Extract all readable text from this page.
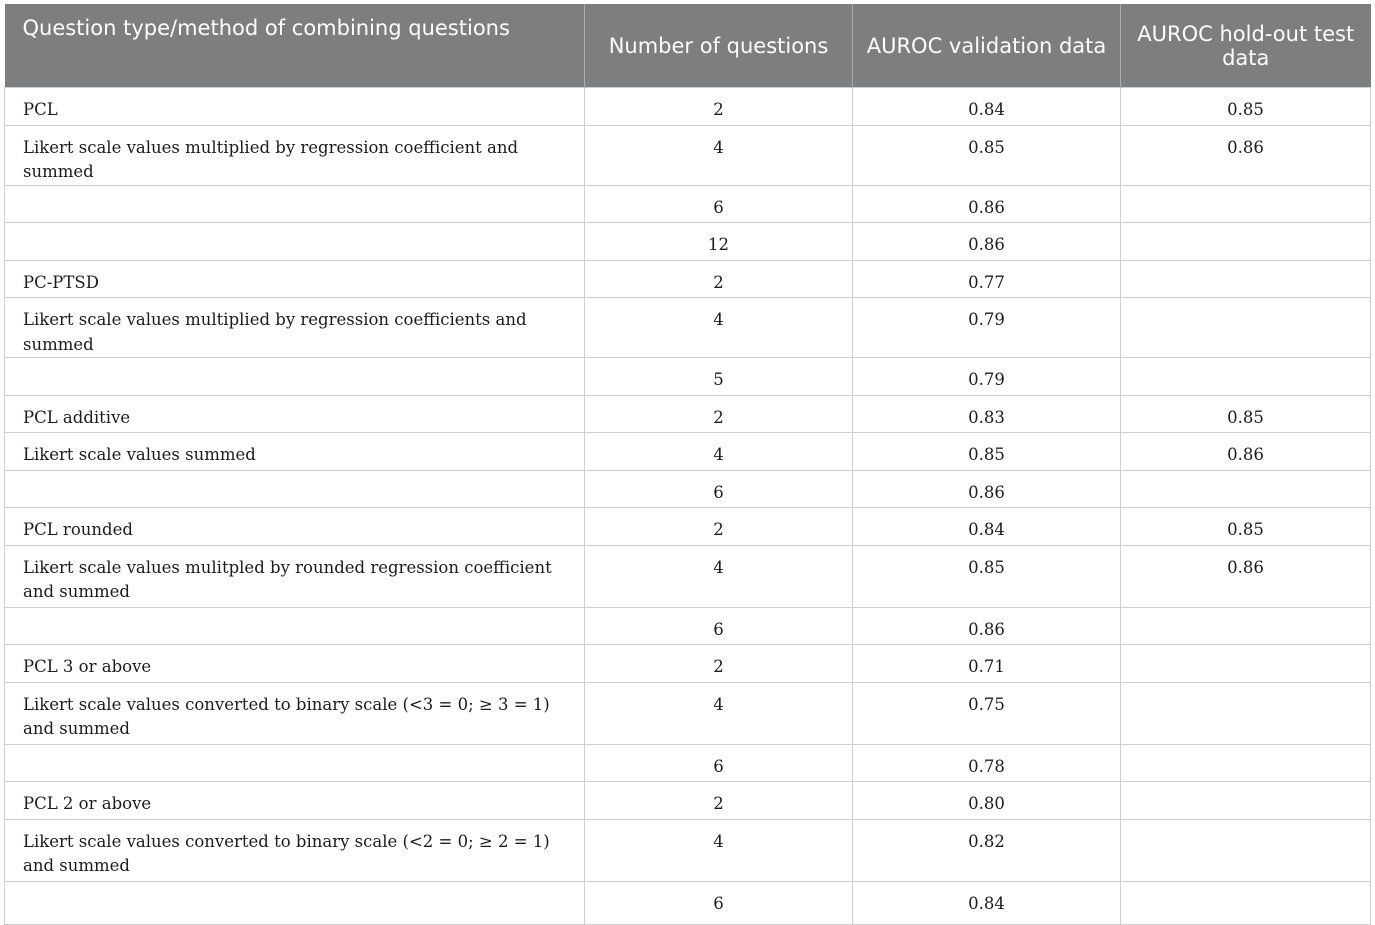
Question type/method of combining questions	Number of questions	AUROC validation data	AUROC hold-out test data
PCL	2	0.84	0.85
Likert scale values multiplied by regression coefficient and summed	4	0.85	0.86
	6	0.86	
	12	0.86	
PC-PTSD	2	0.77	
Likert scale values multiplied by regression coefficients and summed	4	0.79	
	5	0.79	
PCL additive	2	0.83	0.85
Likert scale values summed	4	0.85	0.86
	6	0.86	
PCL rounded	2	0.84	0.85
Likert scale values mulitpled by rounded regression coefficient and summed	4	0.85	0.86
	6	0.86	
PCL 3 or above	2	0.71	
Likert scale values converted to binary scale (<3 = 0; ≥ 3 = 1) and summed	4	0.75	
	6	0.78	
PCL 2 or above	2	0.80	
Likert scale values converted to binary scale (<2 = 0; ≥ 2 = 1) and summed	4	0.82	
	6	0.84	
